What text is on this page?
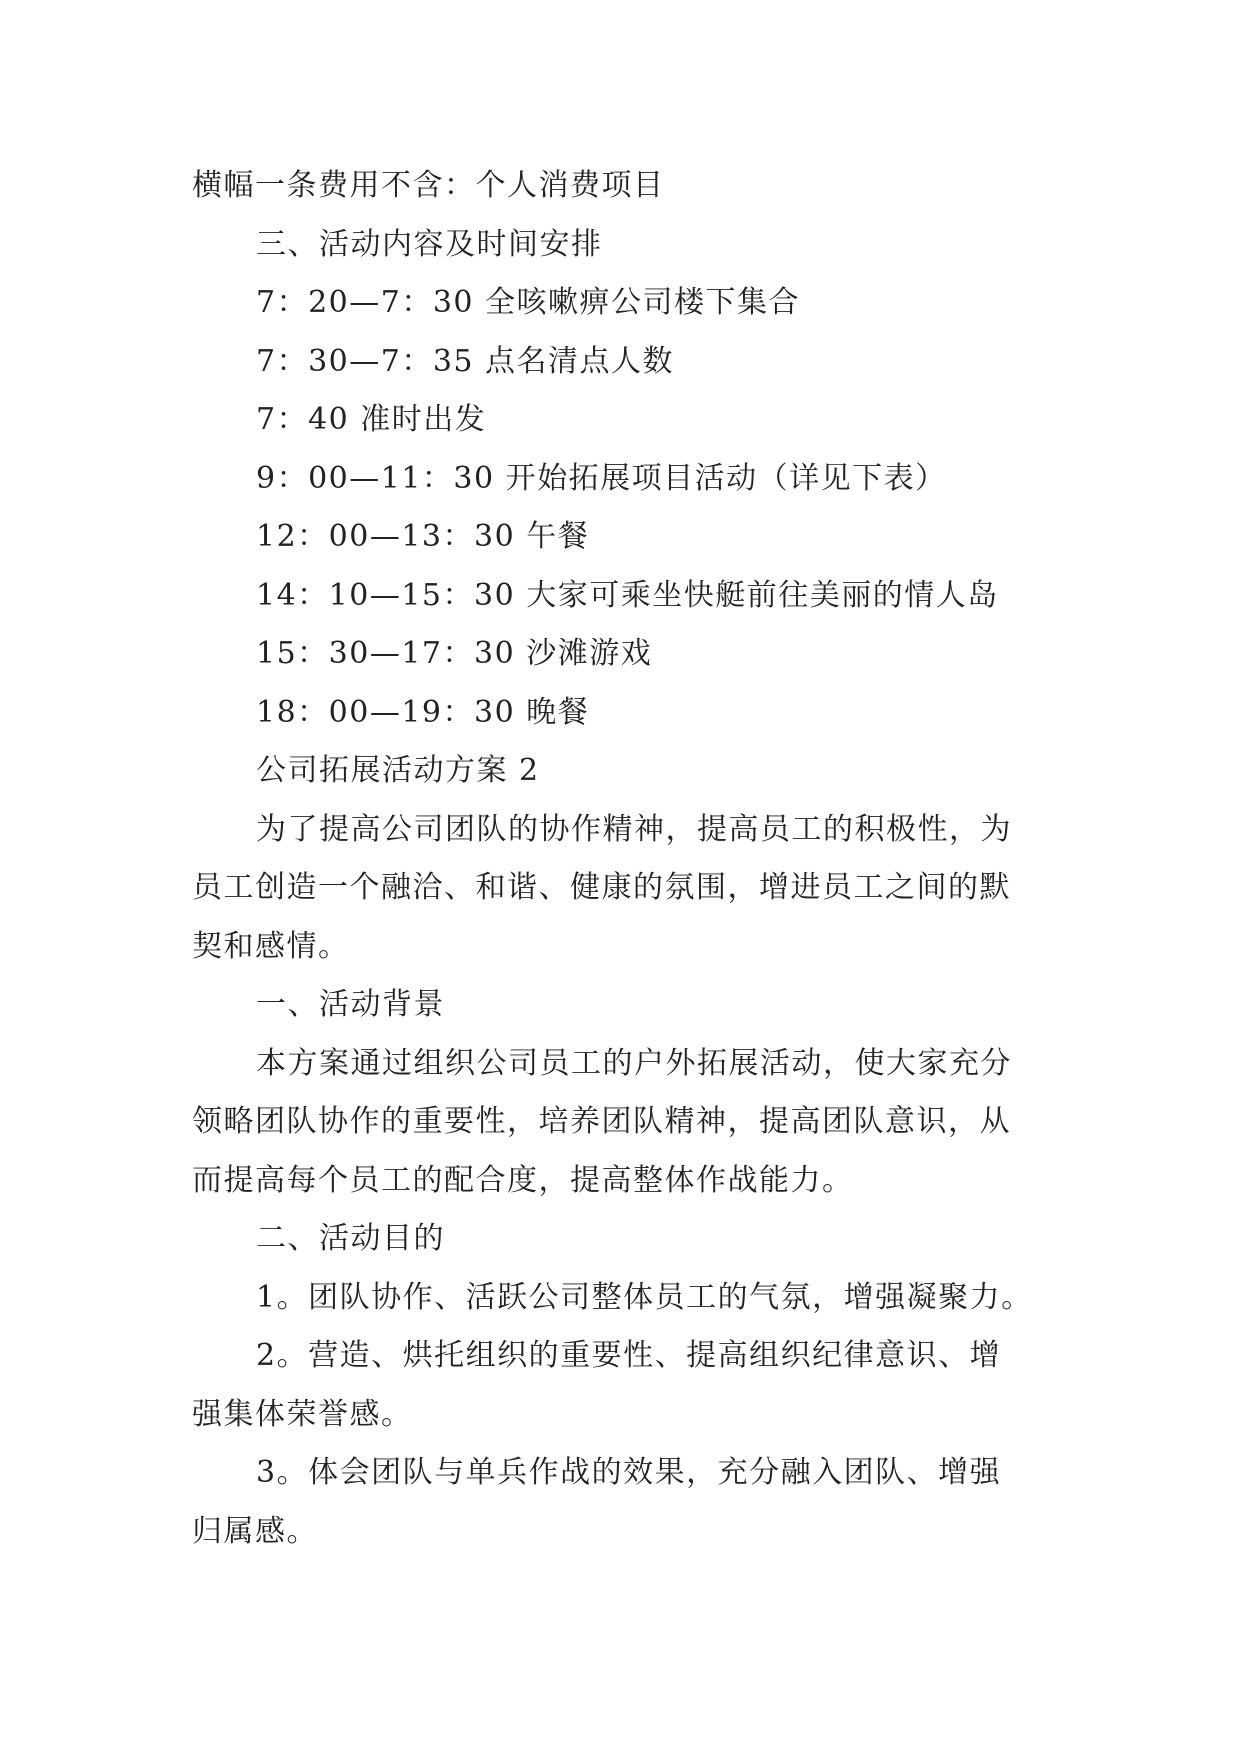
横幅一条费用不含：个人消费项目

三、活动内容及时间安排

7：20—7：30 全咳嗽痹公司楼下集合

7：30—7：35 点名清点人数

7：40 准时出发

9：00—11：30 开始拓展项目活动（详见下表）

12：00—13：30 午餐

14：10—15：30 大家可乘坐快艇前往美丽的情人岛

15：30—17：30 沙滩游戏

18：00—19：30 晚餐

公司拓展活动方案 2

为了提高公司团队的协作精神，提高员工的积极性，为

员工创造一个融洽、和谐、健康的氛围，增进员工之间的默

契和感情。

一、活动背景

本方案通过组织公司员工的户外拓展活动，使大家充分

领略团队协作的重要性，培养团队精神，提高团队意识，从

而提高每个员工的配合度，提高整体作战能力。

二、活动目的

1。团队协作、活跃公司整体员工的气氛，增强凝聚力。

2。营造、烘托组织的重要性、提高组织纪律意识、增

强集体荣誉感。

3。体会团队与单兵作战的效果，充分融入团队、增强

归属感。
